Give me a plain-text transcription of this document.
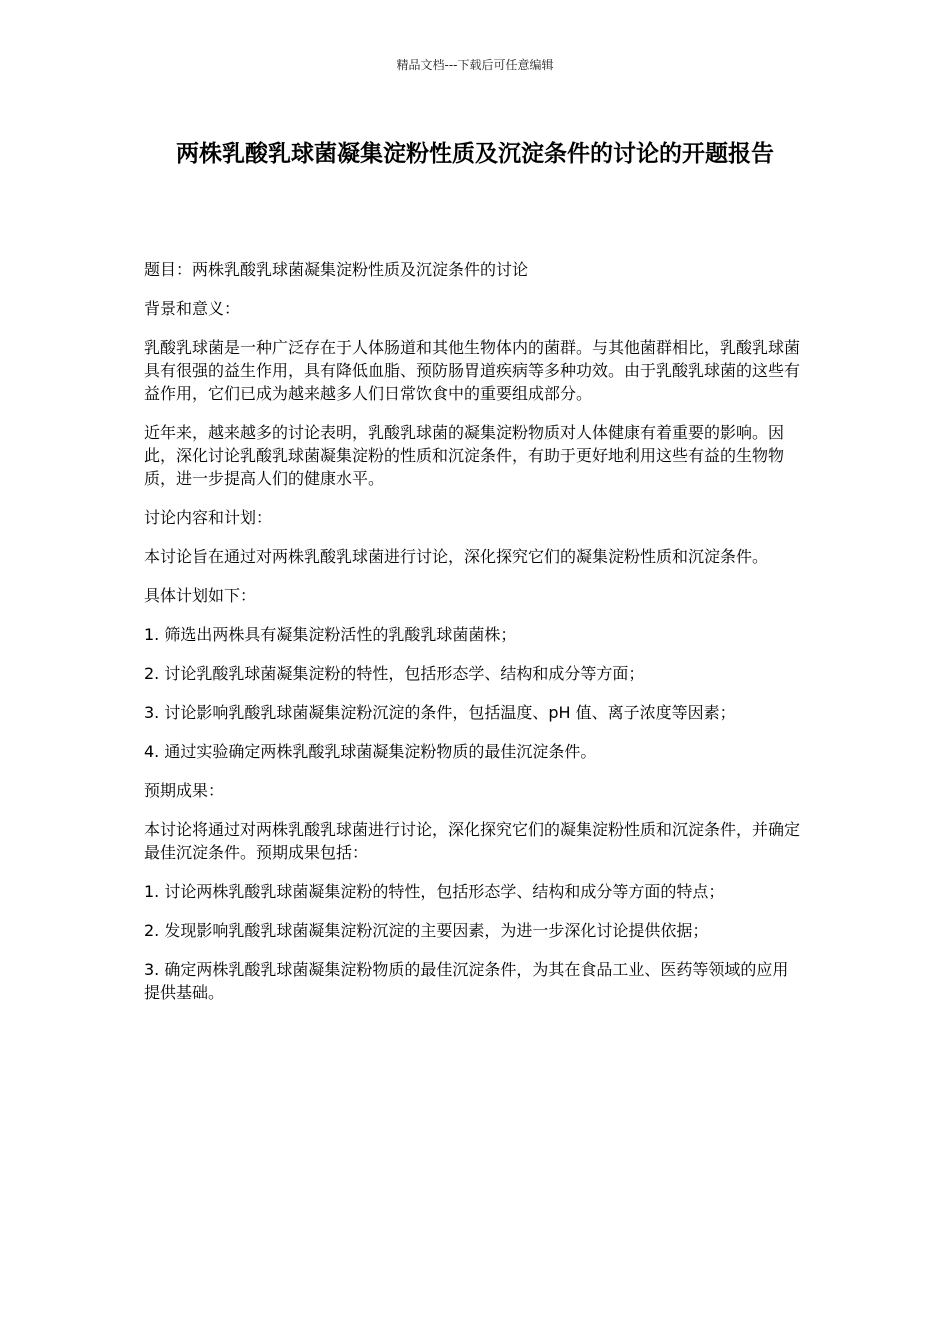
精品文档---下载后可任意编辑
两株乳酸乳球菌凝集淀粉性质及沉淀条件的讨论的开题报告

题目：两株乳酸乳球菌凝集淀粉性质及沉淀条件的讨论

背景和意义：

乳酸乳球菌是一种广泛存在于人体肠道和其他生物体内的菌群。与其他菌群相比，乳酸乳球菌具有很强的益生作用，具有降低血脂、预防肠胃道疾病等多种功效。由于乳酸乳球菌的这些有益作用，它们已成为越来越多人们日常饮食中的重要组成部分。

近年来，越来越多的讨论表明，乳酸乳球菌的凝集淀粉物质对人体健康有着重要的影响。因此，深化讨论乳酸乳球菌凝集淀粉的性质和沉淀条件，有助于更好地利用这些有益的生物物质，进一步提高人们的健康水平。

讨论内容和计划：

本讨论旨在通过对两株乳酸乳球菌进行讨论，深化探究它们的凝集淀粉性质和沉淀条件。

具体计划如下：

1. 筛选出两株具有凝集淀粉活性的乳酸乳球菌菌株；

2. 讨论乳酸乳球菌凝集淀粉的特性，包括形态学、结构和成分等方面；

3. 讨论影响乳酸乳球菌凝集淀粉沉淀的条件，包括温度、pH 值、离子浓度等因素；

4. 通过实验确定两株乳酸乳球菌凝集淀粉物质的最佳沉淀条件。

预期成果：

本讨论将通过对两株乳酸乳球菌进行讨论，深化探究它们的凝集淀粉性质和沉淀条件，并确定最佳沉淀条件。预期成果包括：

1. 讨论两株乳酸乳球菌凝集淀粉的特性，包括形态学、结构和成分等方面的特点；

2. 发现影响乳酸乳球菌凝集淀粉沉淀的主要因素，为进一步深化讨论提供依据；

3. 确定两株乳酸乳球菌凝集淀粉物质的最佳沉淀条件，为其在食品工业、医药等领域的应用提供基础。
